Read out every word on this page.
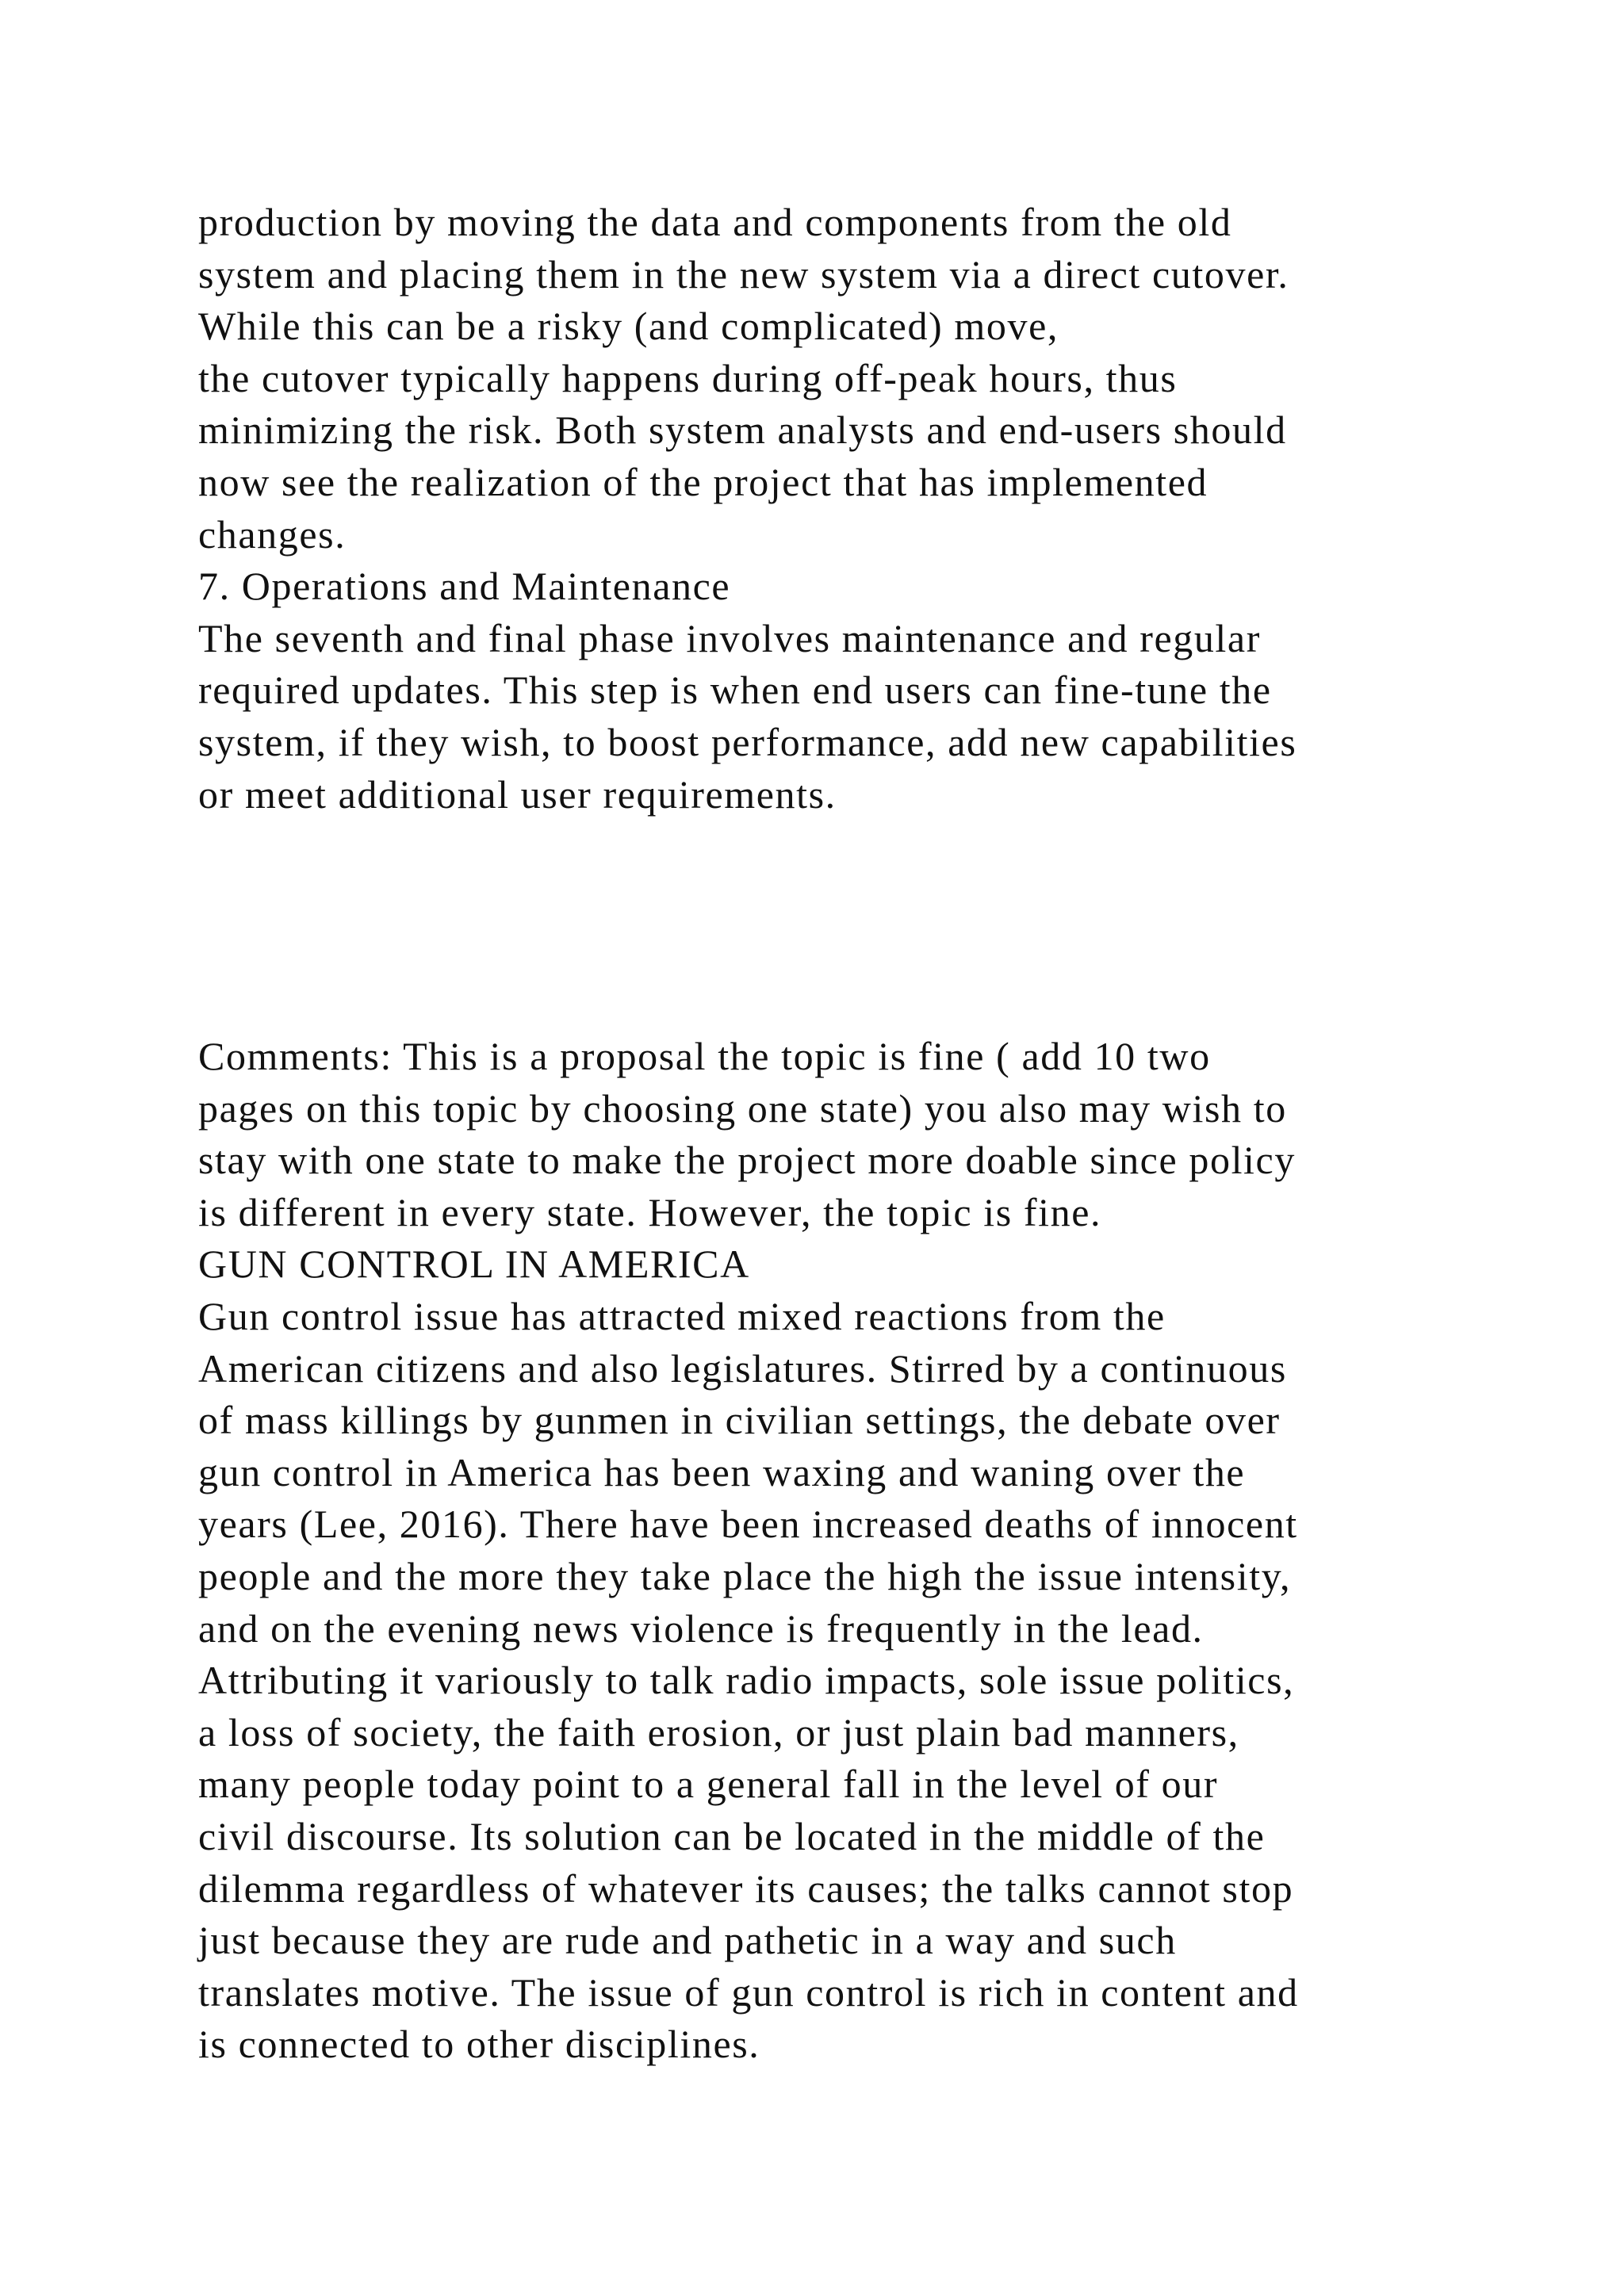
production by moving the data and components from the old
system and placing them in the new system via a direct cutover.
While this can be a risky (and complicated) move,
the cutover typically happens during off-peak hours, thus
minimizing the risk. Both system analysts and end-users should
now see the realization of the project that has implemented
changes.
7. Operations and Maintenance
The seventh and final phase involves maintenance and regular
required updates. This step is when end users can fine-tune the
system, if they wish, to boost performance, add new capabilities
or meet additional user requirements.
Comments: This is a proposal the topic is fine ( add 10 two
pages on this topic by choosing one state) you also may wish to
stay with one state to make the project more doable since policy
is different in every state. However, the topic is fine.
GUN CONTROL IN AMERICA
Gun control issue has attracted mixed reactions from the
American citizens and also legislatures. Stirred by a continuous
of mass killings by gunmen in civilian settings, the debate over
gun control in America has been waxing and waning over the
years (Lee, 2016). There have been increased deaths of innocent
people and the more they take place the high the issue intensity,
and on the evening news violence is frequently in the lead.
Attributing it variously to talk radio impacts, sole issue politics,
a loss of society, the faith erosion, or just plain bad manners,
many people today point to a general fall in the level of our
civil discourse. Its solution can be located in the middle of the
dilemma regardless of whatever its causes; the talks cannot stop
just because they are rude and pathetic in a way and such
translates motive. The issue of gun control is rich in content and
is connected to other disciplines.
